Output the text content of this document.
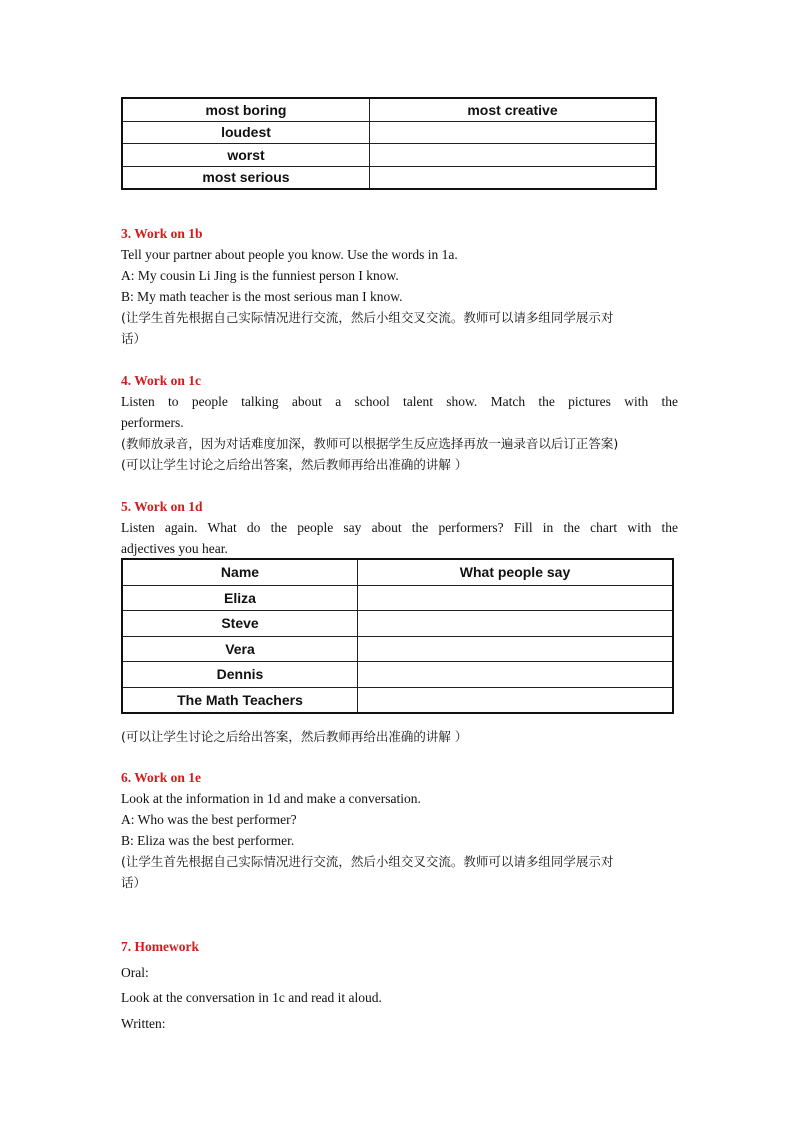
most boring	most creative
loudest	
worst	
most serious	
3. Work on 1b
Tell your partner about people you know. Use the words in 1a.
A: My cousin Li Jing is the funniest person I know.
B: My math teacher is the most serious man I know.
(让学生首先根据自己实际情况进行交流，然后小组交叉交流。教师可以请多组同学展示对
话）
4. Work on 1c
Listen to people talking about a school talent show. Match the pictures with the
performers.
(教师放录音，因为对话难度加深，教师可以根据学生反应选择再放一遍录音以后订正答案)
(可以让学生讨论之后给出答案，然后教师再给出准确的讲解 ）
5. Work on 1d
Listen again. What do the people say about the performers? Fill in the chart with the
adjectives you hear.
Name	What people say
Eliza	
Steve	
Vera	
Dennis	
The Math Teachers	
(可以让学生讨论之后给出答案，然后教师再给出准确的讲解 ）
6. Work on 1e
Look at the information in 1d and make a conversation.
A: Who was the best performer?
B: Eliza was the best performer.
(让学生首先根据自己实际情况进行交流，然后小组交叉交流。教师可以请多组同学展示对
话）
7. Homework
Oral:
Look at the conversation in 1c and read it aloud.
Written:
